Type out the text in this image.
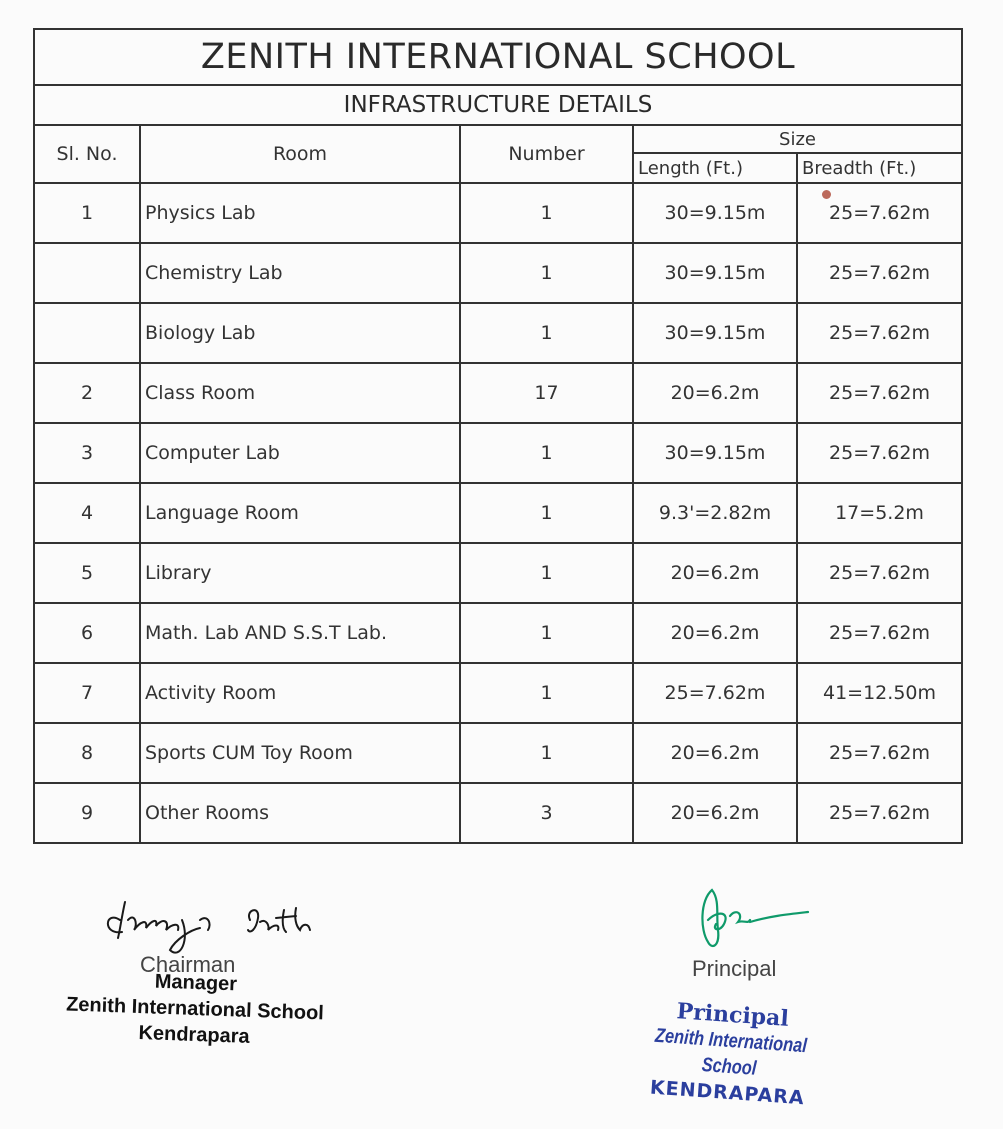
ZENITH INTERNATIONAL SCHOOL
INFRASTRUCTURE DETAILS
Sl. No.	Room	Number	Size	
			Length (Ft.)	Breadth (Ft.)
1	Physics Lab	1	30=9.15m	25=7.62m
	Chemistry Lab	1	30=9.15m	25=7.62m
	Biology Lab	1	30=9.15m	25=7.62m
2	Class Room	17	20=6.2m	25=7.62m
3	Computer Lab	1	30=9.15m	25=7.62m
4	Language Room	1	9.3'=2.82m	17=5.2m
5	Library	1	20=6.2m	25=7.62m
6	Math. Lab AND S.S.T Lab.	1	20=6.2m	25=7.62m
7	Activity Room	1	25=7.62m	41=12.50m
8	Sports CUM Toy Room	1	20=6.2m	25=7.62m
9	Other Rooms	3	20=6.2m	25=7.62m
Chairman
Manager
Zenith International School
Kendrapara
Principal
Principal
Zenith International School
KENDRAPARA
